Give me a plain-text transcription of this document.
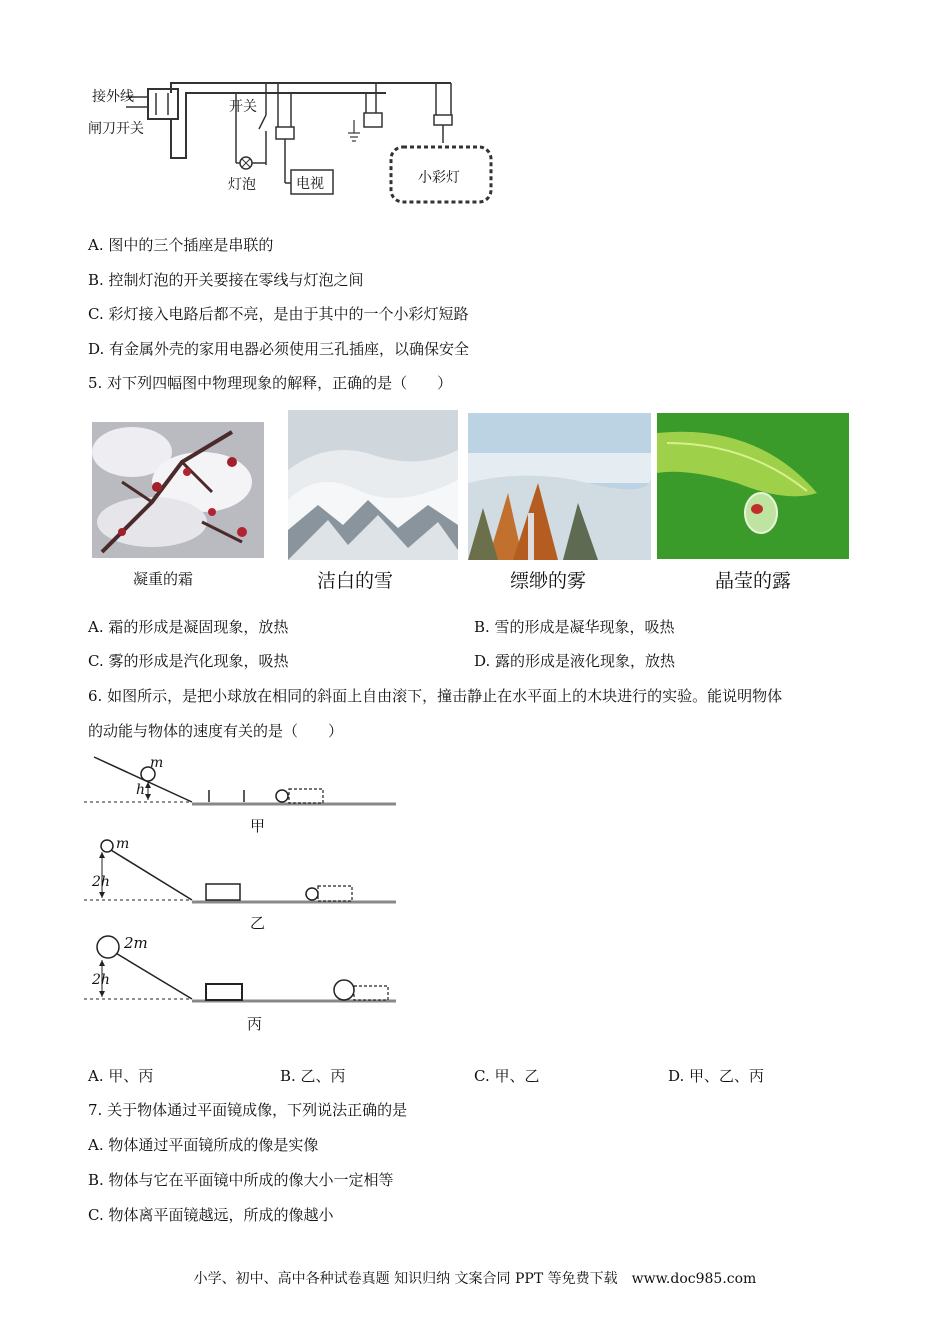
接外线
闸刀开关
开关
灯泡	电视	小彩灯
A. 图中的三个插座是串联的
B. 控制灯泡的开关要接在零线与灯泡之间
C. 彩灯接入电路后都不亮，是由于其中的一个小彩灯短路
D. 有金属外壳的家用电器必须使用三孔插座，以确保安全
5. 对下列四幅图中物理现象的解释，正确的是（　　）
凝重的霜	洁白的雪	缥缈的雾	晶莹的露
A. 霜的形成是凝固现象，放热	B. 雪的形成是凝华现象，吸热
C. 雾的形成是汽化现象，吸热	D. 露的形成是液化现象，放热
6. 如图所示，是把小球放在相同的斜面上自由滚下，撞击静止在水平面上的木块进行的实验。能说明物体
的动能与物体的速度有关的是（　　）
m
h
甲
m
2h
乙
2m
2h
丙
A. 甲、丙	B. 乙、丙	C. 甲、乙	D. 甲、乙、丙
7. 关于物体通过平面镜成像，下列说法正确的是
A. 物体通过平面镜所成的像是实像
B. 物体与它在平面镜中所成的像大小一定相等
C. 物体离平面镜越远，所成的像越小
小学、初中、高中各种试卷真题 知识归纳 文案合同 PPT 等免费下载　www.doc985.com
